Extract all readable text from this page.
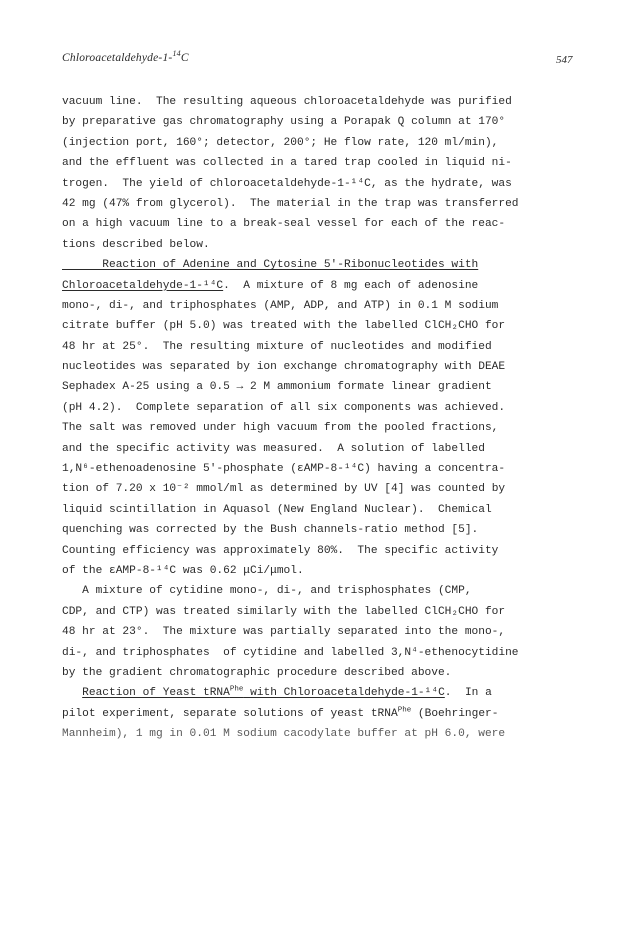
Chloroacetaldehyde-1-$^{14}$C	547
vacuum line.  The resulting aqueous chloroacetaldehyde was purified
by preparative gas chromatography using a Porapak Q column at 170°
(injection port, 160°; detector, 200°; He flow rate, 120 ml/min),
and the effluent was collected in a tared trap cooled in liquid ni-
trogen.  The yield of chloroacetaldehyde-1-¹⁴C, as the hydrate, was
42 mg (47% from glycerol).  The material in the trap was transferred
on a high vacuum line to a break-seal vessel for each of the reac-
tions described below.
Reaction of Adenine and Cytosine 5'-Ribonucleotides with
Chloroacetaldehyde-1-¹⁴C.  A mixture of 8 mg each of adenosine
mono-, di-, and triphosphates (AMP, ADP, and ATP) in 0.1 M sodium
citrate buffer (pH 5.0) was treated with the labelled ClCH₂CHO for
48 hr at 25°.  The resulting mixture of nucleotides and modified
nucleotides was separated by ion exchange chromatography with DEAE
Sephadex A-25 using a 0.5 → 2 M ammonium formate linear gradient
(pH 4.2).  Complete separation of all six components was achieved.
The salt was removed under high vacuum from the pooled fractions,
and the specific activity was measured.  A solution of labelled
1,N⁶-ethenoadenosine 5'-phosphate (εAMP-8-¹⁴C) having a concentra-
tion of 7.20 x 10⁻² mmol/ml as determined by UV [4] was counted by
liquid scintillation in Aquasol (New England Nuclear).  Chemical
quenching was corrected by the Bush channels-ratio method [5].
Counting efficiency was approximately 80%.  The specific activity
of the εAMP-8-¹⁴C was 0.62 μCi/μmol.
A mixture of cytidine mono-, di-, and trisphosphates (CMP,
CDP, and CTP) was treated similarly with the labelled ClCH₂CHO for
48 hr at 23°.  The mixture was partially separated into the mono-,
di-, and triphosphates  of cytidine and labelled 3,N⁴-ethenocytidine
by the gradient chromatographic procedure described above.
Reaction of Yeast tRNA$^{Phe}$ with Chloroacetaldehyde-1-¹⁴C.  In a
pilot experiment, separate solutions of yeast tRNA$^{Phe}$ (Boehringer-
Mannheim), 1 mg in 0.01 M sodium cacodylate buffer at pH 6.0, were
